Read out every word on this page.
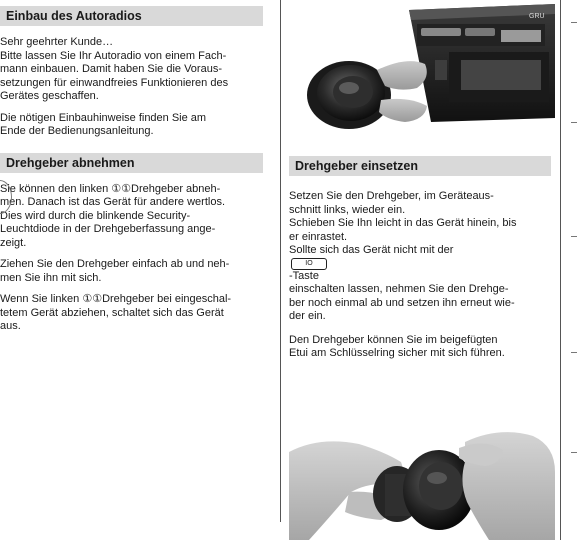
Einbau des Autoradios
Sehr geehrter Kunde…
Bitte lassen Sie Ihr Autoradio von einem Fach-
mann einbauen. Damit haben Sie die Voraus-
setzungen für einwandfreies Funktionieren des
Gerätes geschaffen.
Die nötigen Einbauhinweise finden Sie am
Ende der Bedienungsanleitung.
Drehgeber abnehmen
Sie können den linken ①①Drehgeber abneh-
men. Danach ist das Gerät für andere wertlos.
Dies wird durch die blinkende Security-
Leuchtdiode in der Drehgeberfassung ange-
zeigt.
Ziehen Sie den Drehgeber einfach ab und neh-
men Sie ihn mit sich.
Wenn Sie linken ①①Drehgeber bei eingeschal-
tetem Gerät abziehen, schaltet sich das Gerät
aus.
GRU
Drehgeber einsetzen
Setzen Sie den Drehgeber, im Geräteaus-
schnitt links, wieder ein.
Schieben Sie Ihn leicht in das Gerät hinein, bis
er einrastet.
Sollte sich das Gerät nicht mit der
IO
-Taste
einschalten lassen, nehmen Sie den Drehge-
ber noch einmal ab und setzen ihn erneut wie-
der ein.
Den Drehgeber können Sie im beigefügten
Etui am Schlüsselring sicher mit sich führen.
